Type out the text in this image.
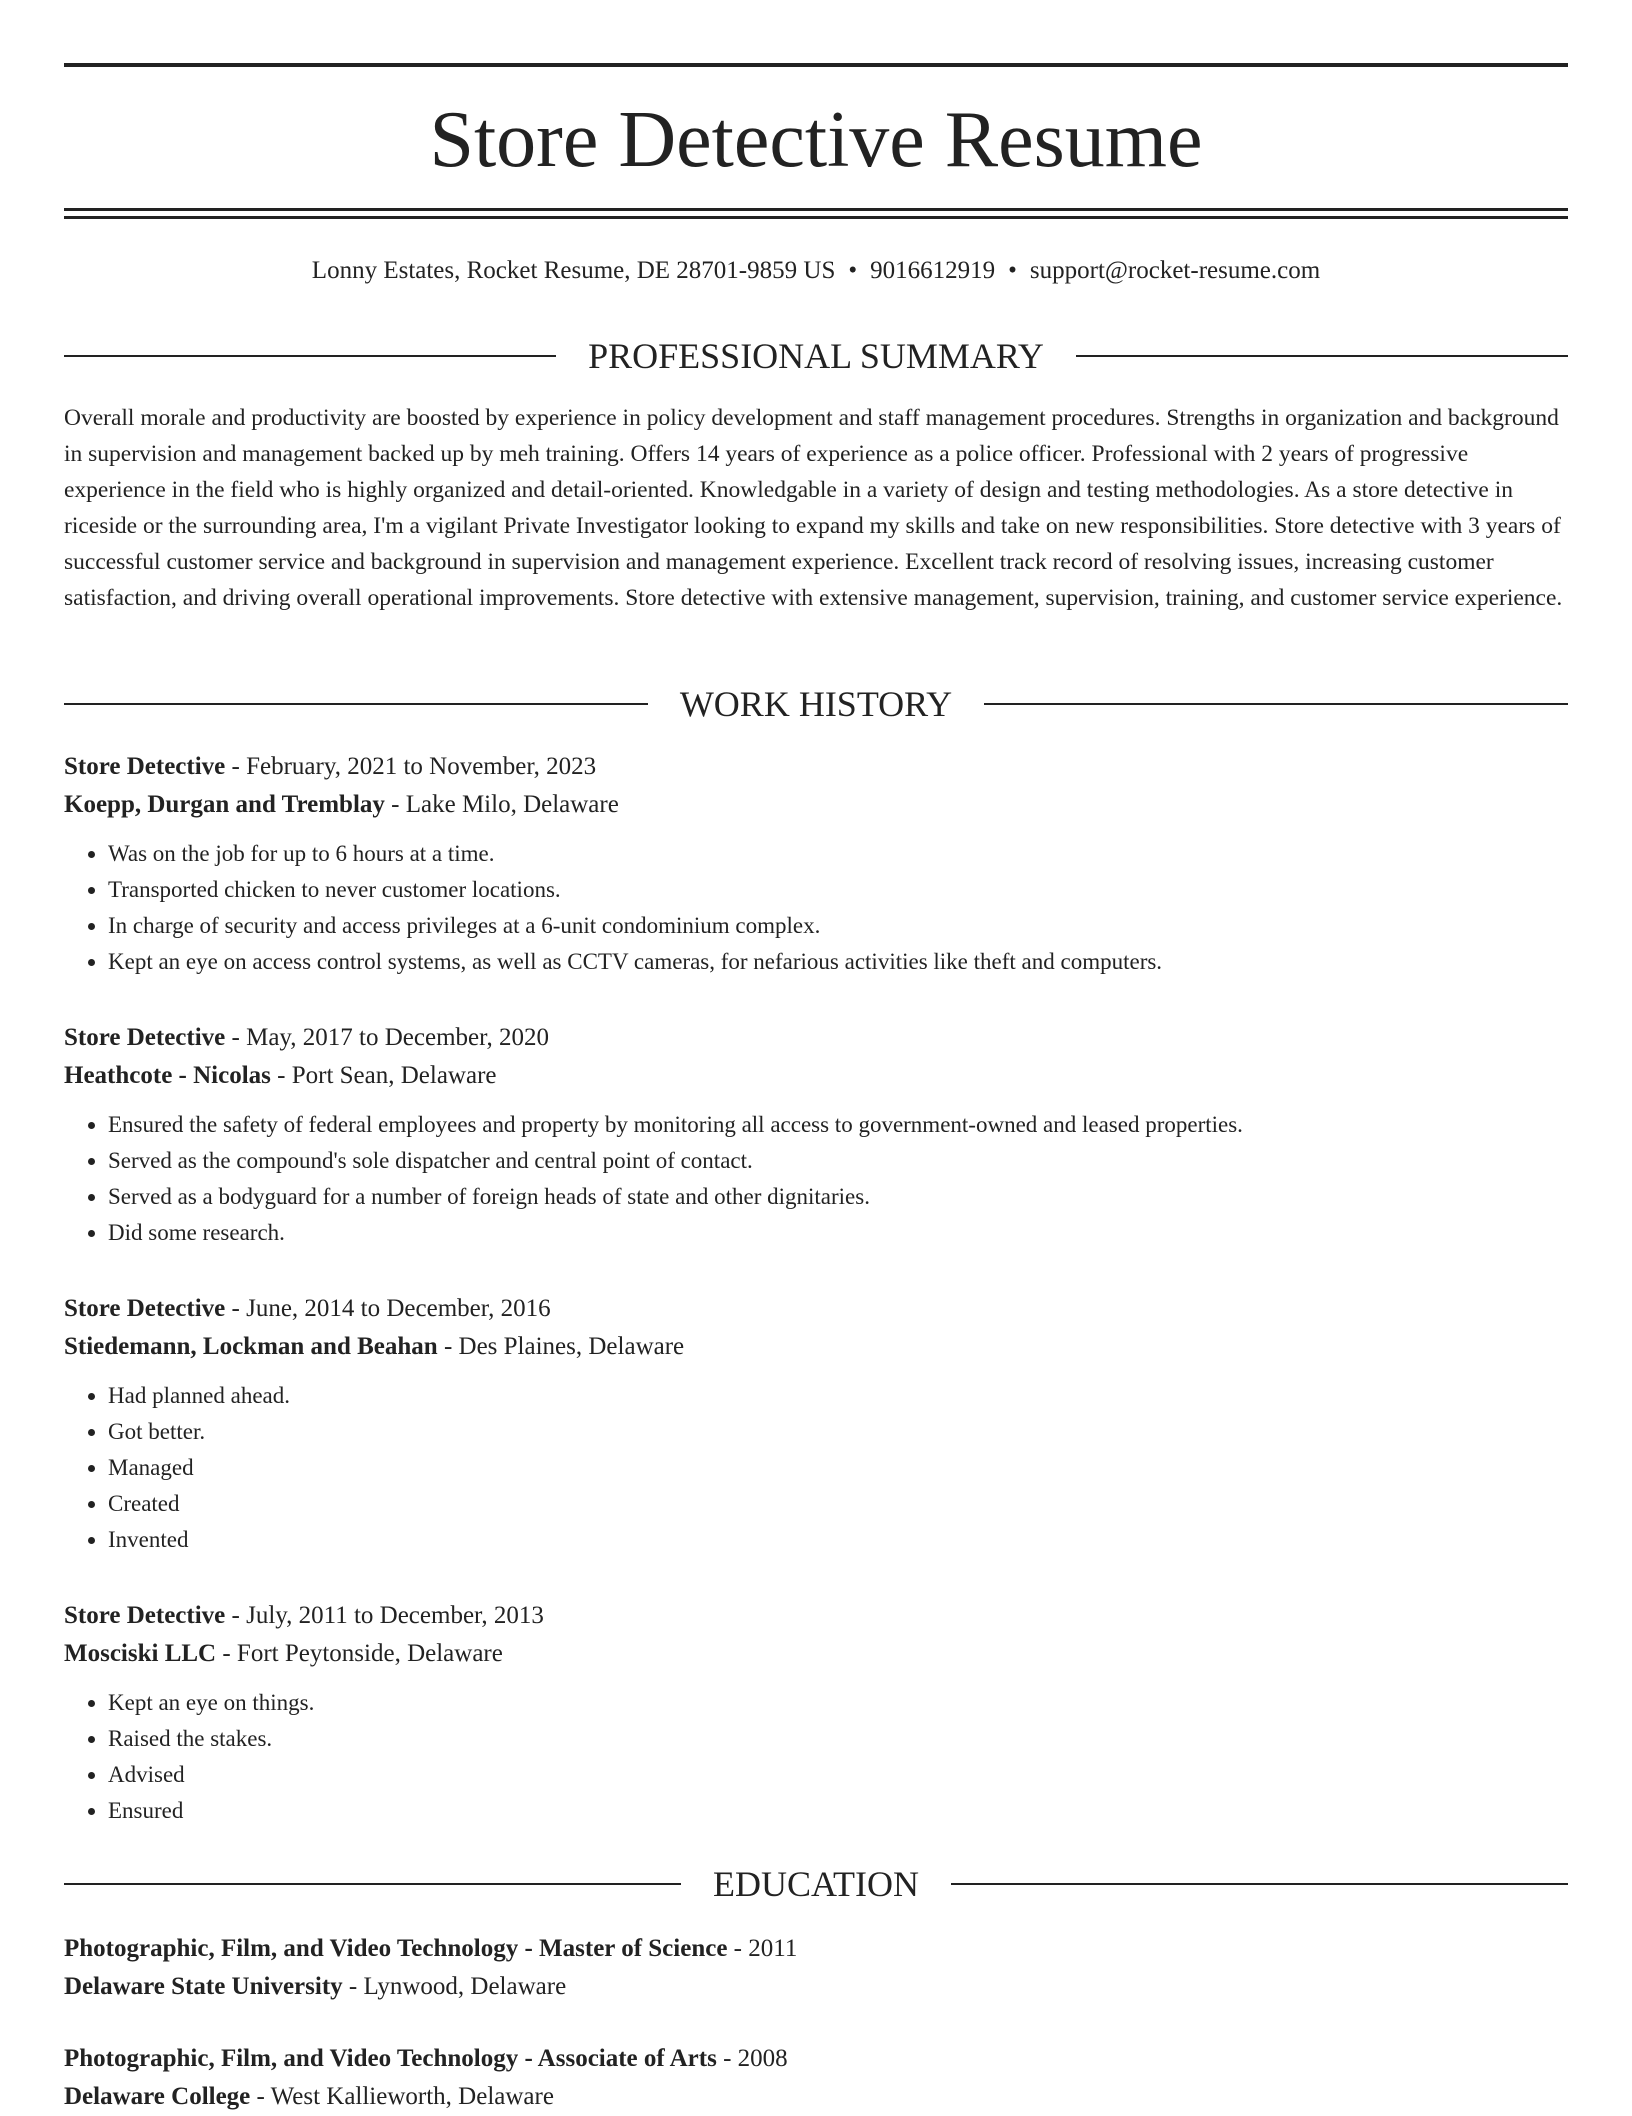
Store Detective Resume
Lonny Estates, Rocket Resume, DE 28701-9859 US • 9016612919 • support@rocket-resume.com
PROFESSIONAL SUMMARY

Overall morale and productivity are boosted by experience in policy development and staff management procedures. Strengths in organization and background in supervision and management backed up by meh training. Offers 14 years of experience as a police officer. Professional with 2 years of progressive experience in the field who is highly organized and detail-oriented. Knowledgable in a variety of design and testing methodologies. As a store detective in riceside or the surrounding area, I'm a vigilant Private Investigator looking to expand my skills and take on new responsibilities. Store detective with 3 years of successful customer service and background in supervision and management experience. Excellent track record of resolving issues, increasing customer satisfaction, and driving overall operational improvements. Store detective with extensive management, supervision, training, and customer service experience.

WORK HISTORY

Store Detective - February, 2021 to November, 2023

Koepp, Durgan and Tremblay - Lake Milo, Delaware

• Was on the job for up to 6 hours at a time.
• Transported chicken to never customer locations.
• In charge of security and access privileges at a 6-unit condominium complex.
• Kept an eye on access control systems, as well as CCTV cameras, for nefarious activities like theft and computers.

Store Detective - May, 2017 to December, 2020

Heathcote - Nicolas - Port Sean, Delaware

• Ensured the safety of federal employees and property by monitoring all access to government-owned and leased properties.
• Served as the compound's sole dispatcher and central point of contact.
• Served as a bodyguard for a number of foreign heads of state and other dignitaries.
• Did some research.

Store Detective - June, 2014 to December, 2016

Stiedemann, Lockman and Beahan - Des Plaines, Delaware

• Had planned ahead.
• Got better.
• Managed
• Created
• Invented

Store Detective - July, 2011 to December, 2013

Mosciski LLC - Fort Peytonside, Delaware

• Kept an eye on things.
• Raised the stakes.
• Advised
• Ensured
EDUCATION

Photographic, Film, and Video Technology - Master of Science - 2011

Delaware State University - Lynwood, Delaware

Photographic, Film, and Video Technology - Associate of Arts - 2008

Delaware College - West Kallieworth, Delaware
